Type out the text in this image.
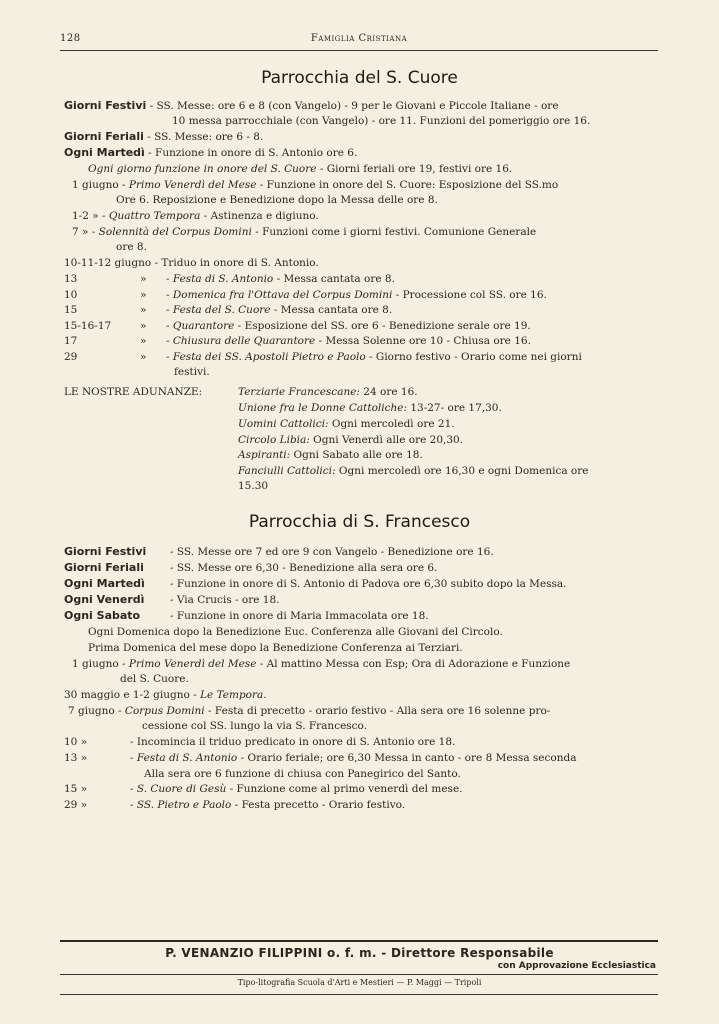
128	Famiglia Cristiana
Parrocchia del S. Cuore
Giorni Festivi - SS. Messe: ore 6 e 8 (con Vangelo) - 9 per le Giovani e Piccole Italiane - ore
10 messa parrocchiale (con Vangelo) - ore 11. Funzioni del pomeriggio ore 16.
Giorni Feriali - SS. Messe: ore 6 - 8.
Ogni Martedì - Funzione in onore di S. Antonio ore 6.
Ogni giorno funzione in onore del S. Cuore - Giorni feriali ore 19, festivi ore 16.
1 giugno - Primo Venerdì del Mese - Funzione in onore del S. Cuore: Esposizione del SS.mo
Ore 6. Reposizione e Benedizione dopo la Messa delle ore 8.
1-2 » - Quattro Tempora - Astinenza e digiuno.
7 » - Solennità del Corpus Domini - Funzioni come i giorni festivi. Comunione Generale
ore 8.
10-11-12 giugno - Triduo in onore di S. Antonio.
13	» - Festa di S. Antonio - Messa cantata ore 8.
10	» - Domenica fra l'Ottava del Corpus Domini - Processione col SS. ore 16.
15	» - Festa del S. Cuore - Messa cantata ore 8.
15-16-17	» - Quarantore - Esposizione del SS. ore 6 - Benedizione serale ore 19.
17	» - Chiusura delle Quarantore - Messa Solenne ore 10 - Chiusa ore 16.
29	» - Festa dei SS. Apostoli Pietro e Paolo - Giorno festivo - Orario come nei giorni
festivi.
LE NOSTRE ADUNANZE:	Terziarie Francescane: 24 ore 16.
Unione fra le Donne Cattoliche: 13-27- ore 17,30.
Uomini Cattolici: Ogni mercoledì ore 21.
Circolo Libia: Ogni Venerdì alle ore 20,30.
Aspiranti: Ogni Sabato alle ore 18.
Fanciulli Cattolici: Ogni mercoledì ore 16,30 e ogni Domenica ore
15.30
Parrocchia di S. Francesco
Giorni Festivi - SS. Messe ore 7 ed ore 9 con Vangelo - Benedizione ore 16.
Giorni Feriali - SS. Messe ore 6,30 - Benedizione alla sera ore 6.
Ogni Martedì - Funzione in onore di S. Antonio di Padova ore 6,30 subito dopo la Messa.
Ogni Venerdì - Via Crucis - ore 18.
Ogni Sabato	- Funzione in onore di Maria Immacolata ore 18.
Ogni Domenica dopo la Benedizione Euc. Conferenza alle Giovani del Circolo.
Prima Domenica del mese dopo la Benedizione Conferenza ai Terziari.
1 giugno - Primo Venerdì del Mese - Al mattino Messa con Esp; Ora di Adorazione e Funzione
del S. Cuore.
30 maggio e 1-2 giugno - Le Tempora.
7 giugno - Corpus Domini - Festa di precetto - orario festivo - Alla sera ore 16 solenne pro-
cessione col SS. lungo la via S. Francesco.
10 »	- Incomincia il triduo predicato in onore di S. Antonio ore 18.
13 »	- Festa di S. Antonio - Orario feriale; ore 6,30 Messa in canto - ore 8 Messa seconda
Alla sera ore 6 funzione di chiusa con Panegirico del Santo.
15 »	- S. Cuore di Gesù - Funzione come al primo venerdì del mese.
29 »	- SS. Pietro e Paolo - Festa precetto - Orario festivo.
P. VENANZIO FILIPPINI o. f. m. - Direttore Responsabile
con Approvazione Ecclesiastica
Tipo-litografia Scuola d'Arti e Mestieri — P. Maggi — Tripoli
